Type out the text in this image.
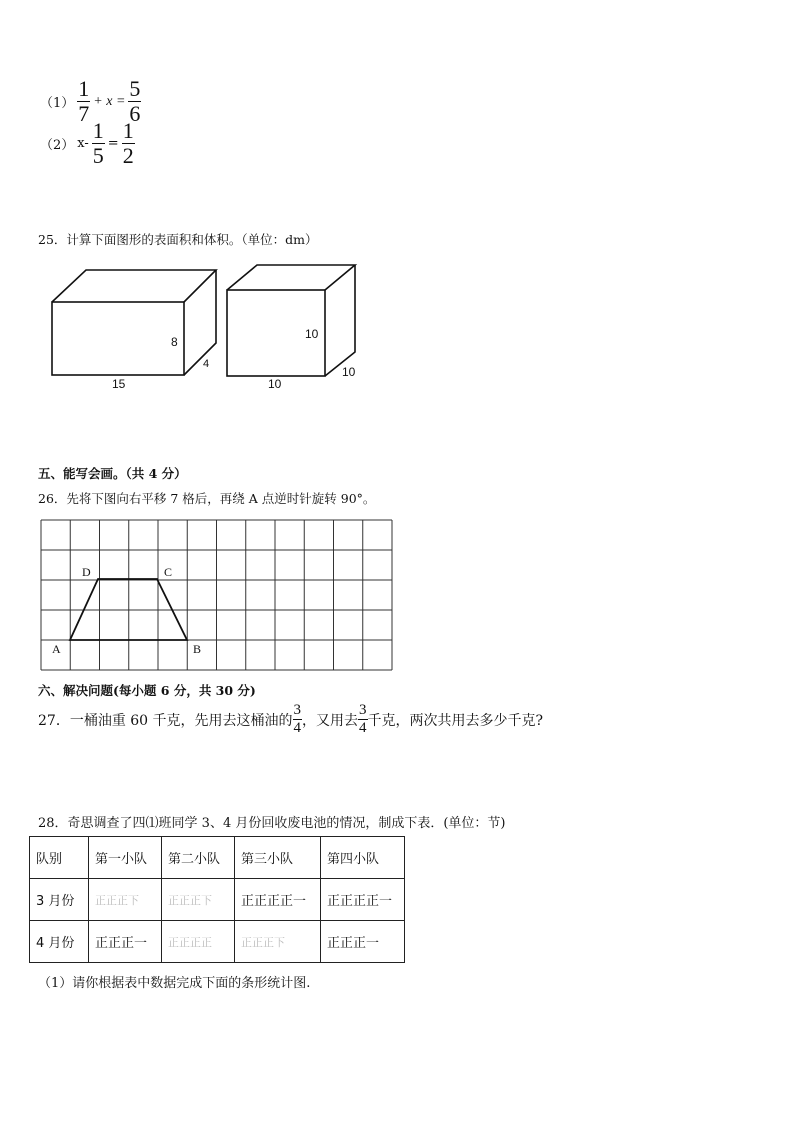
$(1) \frac{1}{7} + x = \frac{5}{6}$
（2） $x- \frac{1}{5} = \frac{1}{2}$
25．计算下面图形的表面积和体积。（单位：dm）
8
4
15
10
10
10
五、能写会画。（共 4 分）
26．先将下图向右平移 7 格后，再绕 A 点逆时针旋转 90°。
A	B
C
D
六、解决问题(每小题 6 分，共 30 分)
27．一桶油重 60 千克，先用去这桶油的 $\frac{3}{4}$ ，又用去 $\frac{3}{4}$ 千克，两次共用去多少千克?
28．奇思调查了四⑴班同学 3、4 月份回收废电池的情况，制成下表．(单位：节)
队别	第一小队	第二小队	第三小队	第四小队
3 月份	正正正下	正正正下	正正正正一	正正正正一
4 月份	正正正一	正正正正	正正正下	正正正一
（1）请你根据表中数据完成下面的条形统计图.
